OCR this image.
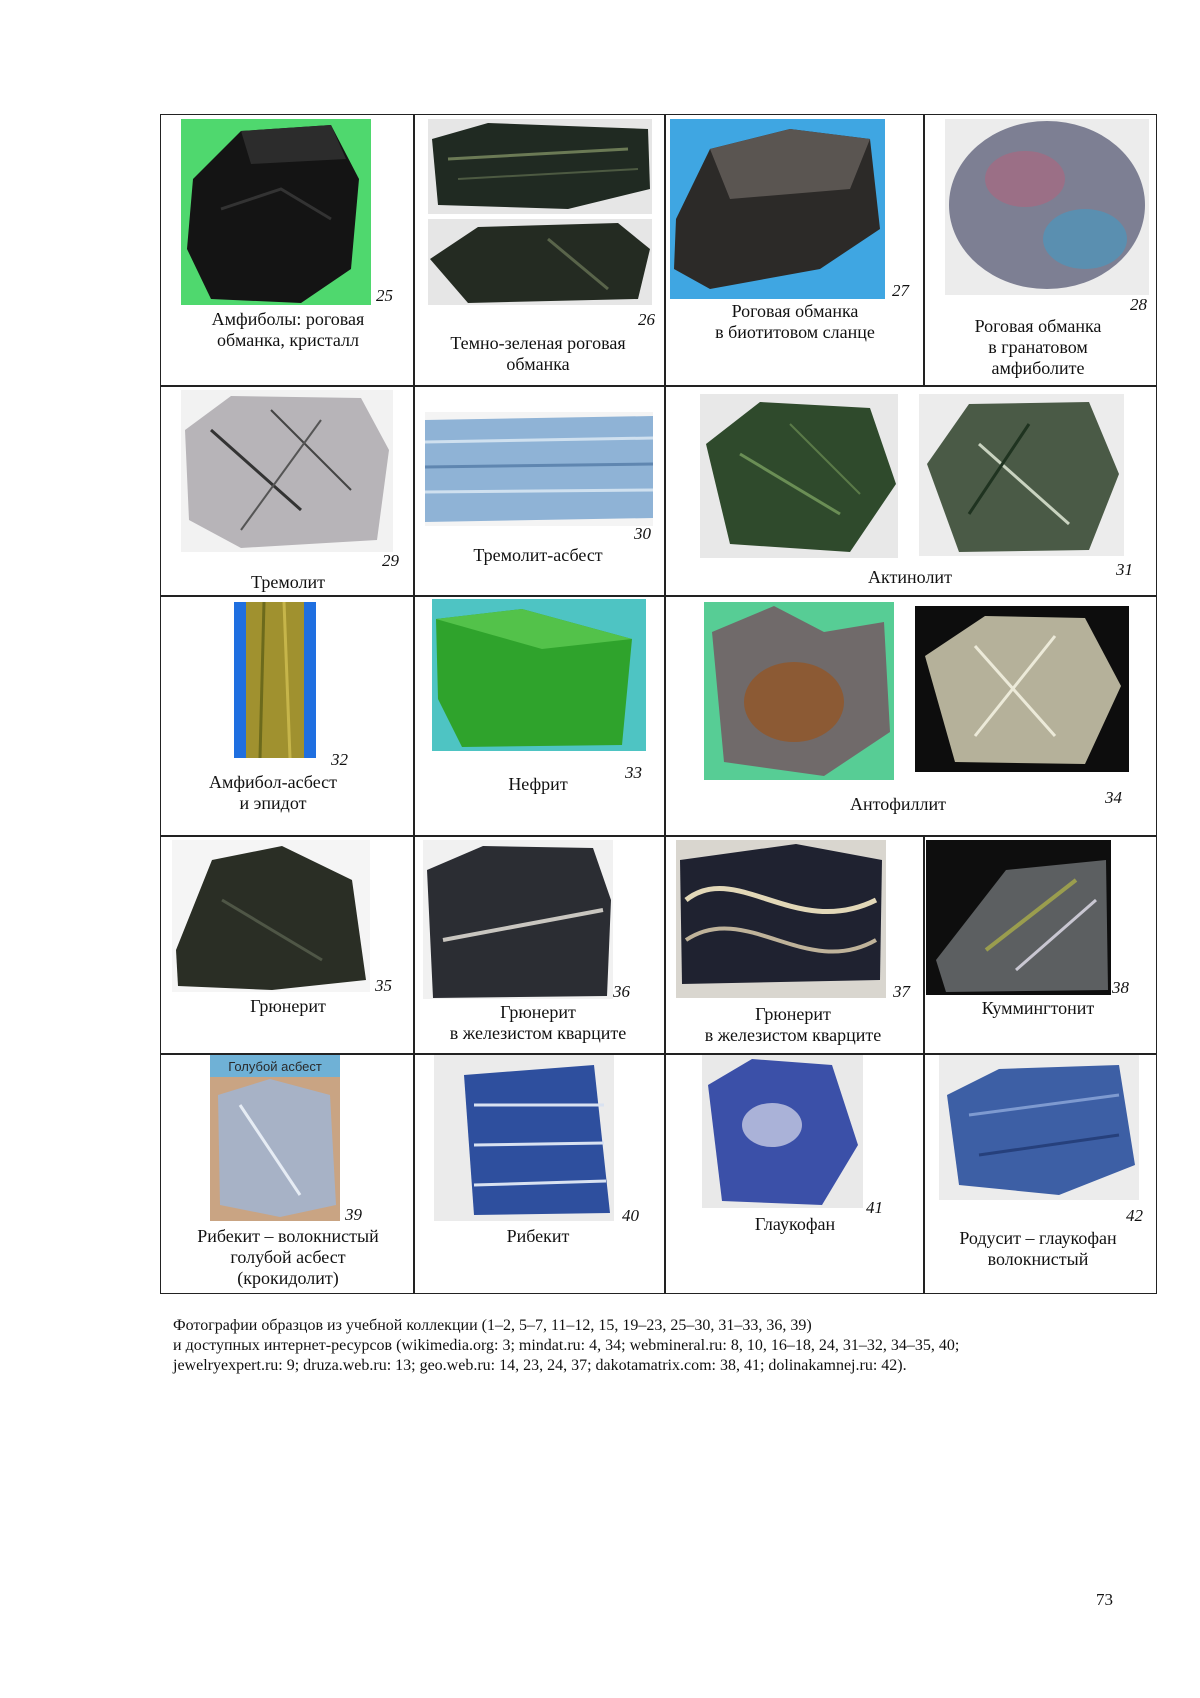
25
Амфиболы: роговая
обманка, кристалл
26
Темно-зеленая роговая
обманка
27
Роговая обманка
в биотитовом сланце
28
Роговая обманка
в гранатовом
амфиболите
29
Тремолит
30
Тремолит-асбест
31
Актинолит
32
Амфибол-асбест
и эпидот
33
Нефрит
34
Антофиллит
35
Грюнерит
36
Грюнерит
в железистом кварците
37
Грюнерит
в железистом кварците
38
Куммингтонит
Голубой асбест
39
Рибекит – волокнистый
голубой асбест
(крокидолит)
40
Рибекит
41
Глаукофан	42
Родусит – глаукофан
волокнистый
Фотографии образцов из учебной коллекции (1–2, 5–7, 11–12, 15, 19–23, 25–30, 31–33, 36, 39)
и доступных интернет-ресурсов (wikimedia.org: 3; mindat.ru: 4, 34; webmineral.ru: 8, 10, 16–18, 24, 31–32, 34–35, 40;
jewelryexpert.ru: 9; druza.web.ru: 13; geo.web.ru: 14, 23, 24, 37; dakotamatrix.com: 38, 41; dolinakamnej.ru: 42).
73
